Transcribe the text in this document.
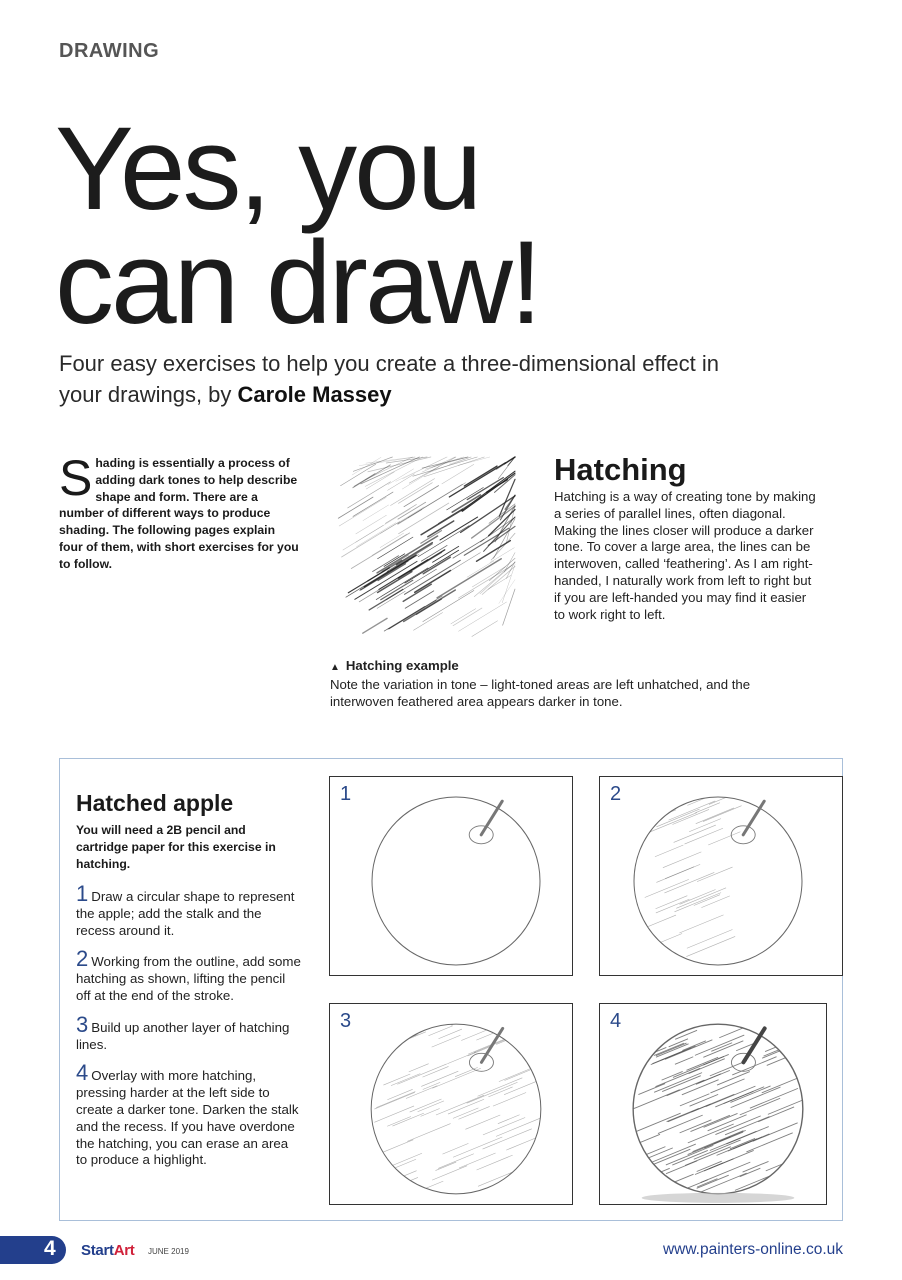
DRAWING
Yes, you
can draw!

Four easy exercises to help you create a three-dimensional effect in your drawings, by Carole Massey

Shading is essentially a process of adding dark tones to help describe shape and form. There are a number of different ways to produce shading. The following pages explain four of them, with short exercises for you to follow.

Hatching

Hatching is a way of creating tone by making a series of parallel lines, often diagonal. Making the lines closer will produce a darker tone. To cover a large area, the lines can be interwoven, called ‘feathering’. As I am right-handed, I naturally work from left to right but if you are left-handed you may find it easier to work right to left.

▲ Hatching example
Note the variation in tone – light-toned areas are left unhatched, and the interwoven feathered area appears darker in tone.
Hatched apple

You will need a 2B pencil and cartridge paper for this exercise in hatching.

1 Draw a circular shape to represent the apple; add the stalk and the recess around it.

2 Working from the outline, add some hatching as shown, lifting the pencil off at the end of the stroke.

3 Build up another layer of hatching lines.

4 Overlay with more hatching, pressing harder at the left side to create a darker tone. Darken the stalk and the recess. If you have overdone the hatching, you can erase an area to produce a highlight.

1	2
3	4
4 StartArt JUNE 2019	www.painters-online.co.uk
